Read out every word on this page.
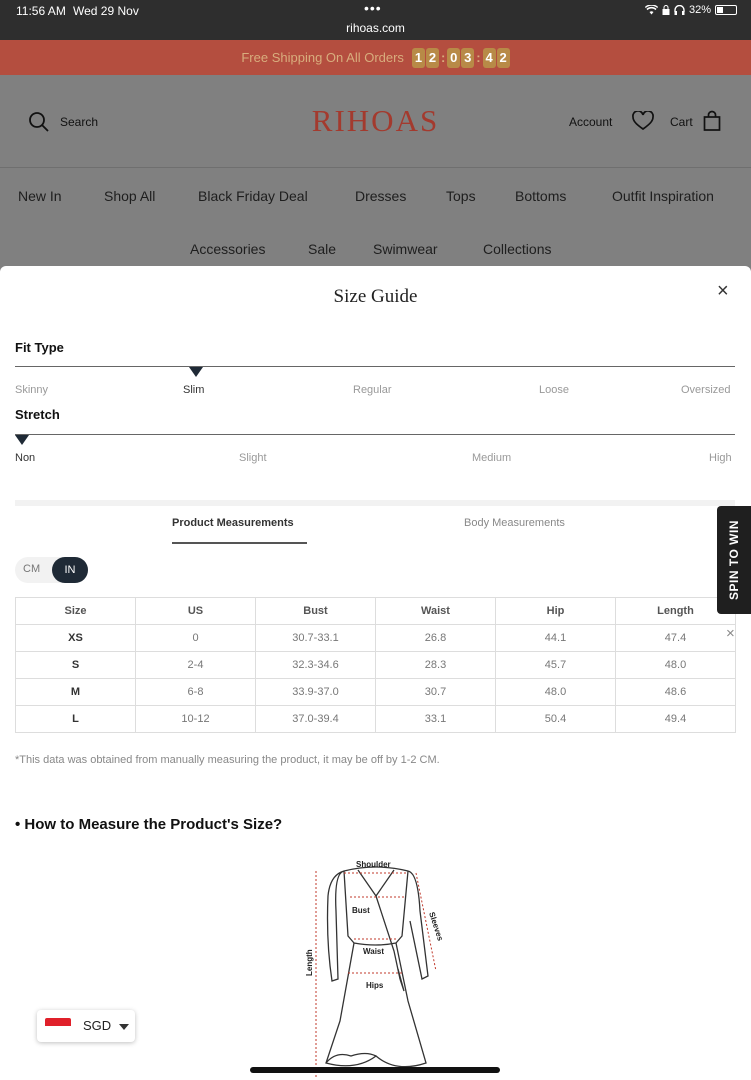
11:56 AM Wed 29 Nov	•••
rihoas.com
32%
Free Shipping On All Orders 1 2 : 0 3 : 4 2
Search	RIHOAS	Account	Cart
New In	Shop All	Black Friday Deal	Dresses	Tops	Bottoms	Outfit Inspiration
Accessories	Sale	Swimwear	Collections
Size Guide	×
Fit Type
Skinny	Slim	Regular	Loose	Oversized
Stretch
Non	Slight	Medium	High
Product Measurements	Body Measurements
CM	IN
Size	US	Bust	Waist	Hip	Length
XS	0	30.7-33.1	26.8	44.1	47.4
S	2-4	32.3-34.6	28.3	45.7	48.0
M	6-8	33.9-37.0	30.7	48.0	48.6
L	10-12	37.0-39.4	33.1	50.4	49.4
*This data was obtained from manually measuring the product, it may be off by 1-2 CM.
• How to Measure the Product's Size?
Shoulder
Bust
Waist
Hips
Length
Sleeves
SPIN TO WIN
×
SGD
